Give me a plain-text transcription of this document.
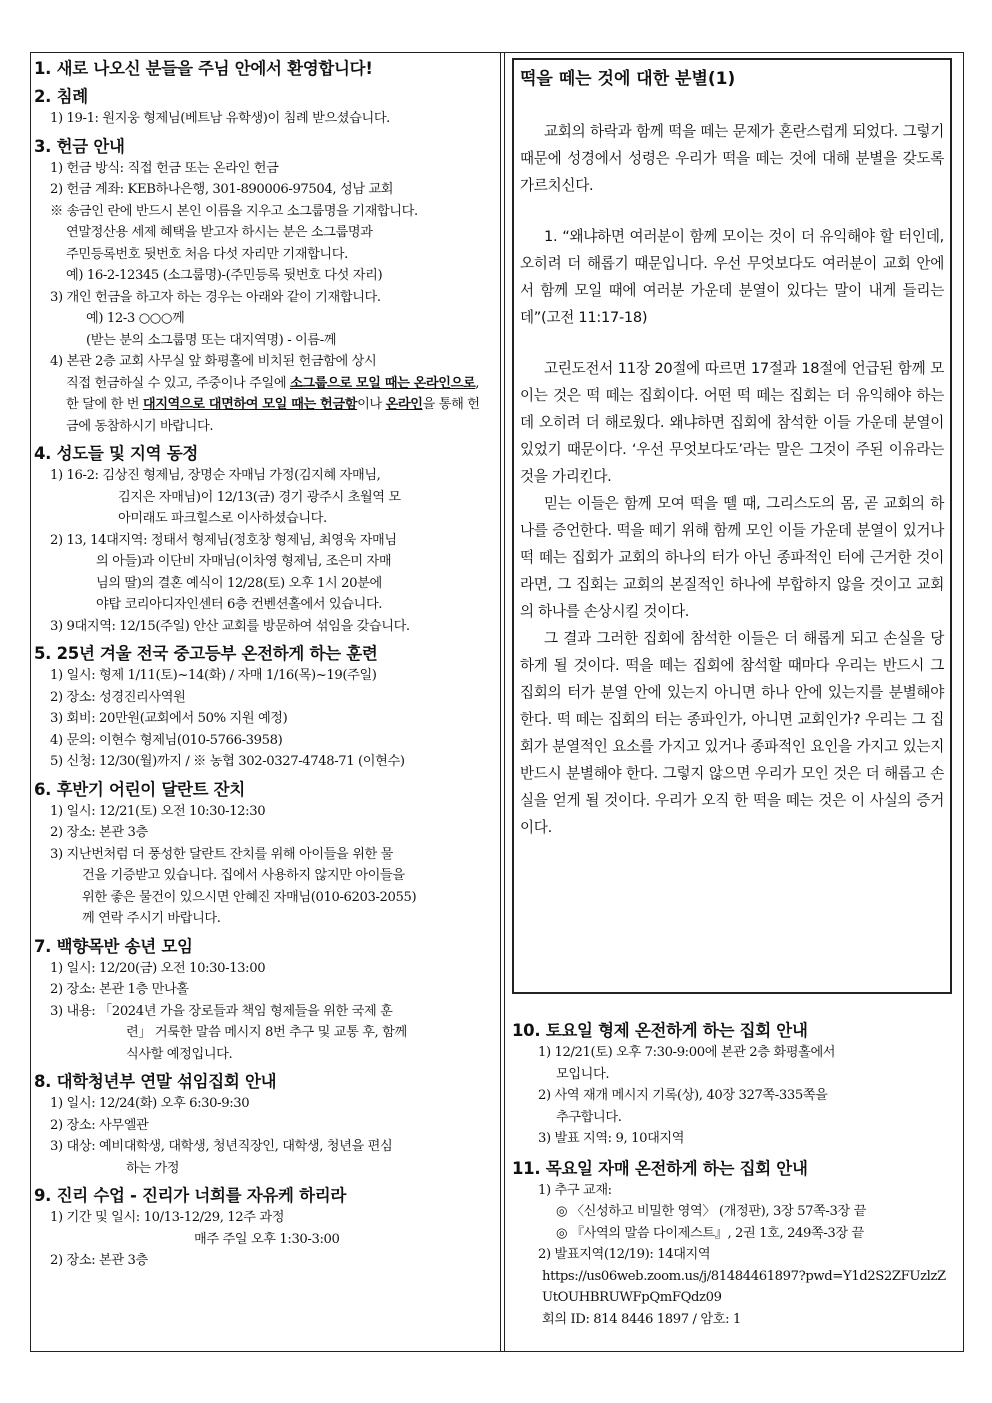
1. 새로 나오신 분들을 주님 안에서 환영합니다!
2. 침례
1) 19-1: 원지웅 형제님(베트남 유학생)이 침례 받으셨습니다.
3. 헌금 안내
1) 헌금 방식: 직접 헌금 또는 온라인 헌금
2) 헌금 계좌: KEB하나은행, 301-890006-97504, 성남 교회
※ 송금인 란에 반드시 본인 이름을 지우고 소그룹명을 기재합니다.
연말정산용 세제 혜택을 받고자 하시는 분은 소그룹명과
주민등록번호 뒷번호 처음 다섯 자리만 기재합니다.
예) 16-2-12345 (소그룹명)-(주민등록 뒷번호 다섯 자리)
3) 개인 헌금을 하고자 하는 경우는 아래와 같이 기재합니다.
예) 12-3 ○○○께
(받는 분의 소그룹명 또는 대지역명) - 이름-께
4) 본관 2층 교회 사무실 앞 화평홀에 비치된 헌금함에 상시
직접 헌금하실 수 있고, 주중이나 주일에 소그룹으로 모일 때는 온라인으로, 한 달에 한 번 대지역으로 대면하여 모일 때는 헌금함이나 온라인을 통해 헌금에 동참하시기 바랍니다.
4. 성도들 및 지역 동정
1) 16-2: 김상진 형제님, 장명순 자매님 가정(김지혜 자매님,
김지은 자매님)이 12/13(금) 경기 광주시 초월역 모
아미래도 파크힐스로 이사하셨습니다.
2) 13, 14대지역: 정태서 형제님(정호창 형제님, 최영욱 자매님
의 아들)과 이단비 자매님(이차영 형제님, 조은미 자매
님의 딸)의 결혼 예식이 12/28(토) 오후 1시 20분에
야탑 코리아디자인센터 6층 컨벤션홀에서 있습니다.
3) 9대지역: 12/15(주일) 안산 교회를 방문하여 섞임을 갖습니다.
5. 25년 겨울 전국 중고등부 온전하게 하는 훈련
1) 일시: 형제 1/11(토)~14(화) / 자매 1/16(목)~19(주일)
2) 장소: 성경진리사역원
3) 회비: 20만원(교회에서 50% 지원 예정)
4) 문의: 이현수 형제님(010-5766-3958)
5) 신청: 12/30(월)까지 / ※ 농협 302-0327-4748-71 (이현수)
6. 후반기 어린이 달란트 잔치
1) 일시: 12/21(토) 오전 10:30-12:30
2) 장소: 본관 3층
3) 지난번처럼 더 풍성한 달란트 잔치를 위해 아이들을 위한 물
건을 기증받고 있습니다. 집에서 사용하지 않지만 아이들을
위한 좋은 물건이 있으시면 안혜진 자매님(010-6203-2055)
께 연락 주시기 바랍니다.
7. 백향목반 송년 모임
1) 일시: 12/20(금) 오전 10:30-13:00
2) 장소: 본관 1층 만나홀
3) 내용: 「2024년 가을 장로들과 책임 형제들을 위한 국제 훈
련」 거룩한 말씀 메시지 8번 추구 및 교통 후, 함께
식사할 예정입니다.
8. 대학청년부 연말 섞임집회 안내
1) 일시: 12/24(화) 오후 6:30-9:30
2) 장소: 사무엘관
3) 대상: 예비대학생, 대학생, 청년직장인, 대학생, 청년을 편심
하는 가정
9. 진리 수업 - 진리가 너희를 자유케 하리라
1) 기간 및 일시: 10/13-12/29, 12주 과정
매주 주일 오후 1:30-3:00
2) 장소: 본관 3층
떡을 떼는 것에 대한 분별(1)

교회의 하락과 함께 떡을 떼는 문제가 혼란스럽게 되었다. 그렇기 때문에 성경에서 성령은 우리가 떡을 떼는 것에 대해 분별을 갖도록 가르치신다.

1. “왜냐하면 여러분이 함께 모이는 것이 더 유익해야 할 터인데, 오히려 더 해롭기 때문입니다. 우선 무엇보다도 여러분이 교회 안에서 함께 모일 때에 여러분 가운데 분열이 있다는 말이 내게 들리는데”(고전 11:17-18)

고린도전서 11장 20절에 따르면 17절과 18절에 언급된 함께 모이는 것은 떡 떼는 집회이다. 어떤 떡 떼는 집회는 더 유익해야 하는데 오히려 더 해로웠다. 왜냐하면 집회에 참석한 이들 가운데 분열이 있었기 때문이다. ‘우선 무엇보다도’라는 말은 그것이 주된 이유라는 것을 가리킨다.

믿는 이들은 함께 모여 떡을 뗄 때, 그리스도의 몸, 곧 교회의 하나를 증언한다. 떡을 떼기 위해 함께 모인 이들 가운데 분열이 있거나 떡 떼는 집회가 교회의 하나의 터가 아닌 종파적인 터에 근거한 것이라면, 그 집회는 교회의 본질적인 하나에 부합하지 않을 것이고 교회의 하나를 손상시킬 것이다.

그 결과 그러한 집회에 참석한 이들은 더 해롭게 되고 손실을 당하게 될 것이다. 떡을 떼는 집회에 참석할 때마다 우리는 반드시 그 집회의 터가 분열 안에 있는지 아니면 하나 안에 있는지를 분별해야 한다. 떡 떼는 집회의 터는 종파인가, 아니면 교회인가? 우리는 그 집회가 분열적인 요소를 가지고 있거나 종파적인 요인을 가지고 있는지 반드시 분별해야 한다. 그렇지 않으면 우리가 모인 것은 더 해롭고 손실을 얻게 될 것이다. 우리가 오직 한 떡을 떼는 것은 이 사실의 증거이다.

10. 토요일 형제 온전하게 하는 집회 안내
1) 12/21(토) 오후 7:30-9:00에 본관 2층 화평홀에서
모입니다.
2) 사역 재개 메시지 기록(상), 40장 327쪽-335쪽을
추구합니다.
3) 발표 지역: 9, 10대지역
11. 목요일 자매 온전하게 하는 집회 안내
1) 추구 교재:
◎ 〈신성하고 비밀한 영역〉 (개정판), 3장 57쪽-3장 끝
◎ 『사역의 말씀 다이제스트』, 2권 1호, 249쪽-3장 끝
2) 발표지역(12/19): 14대지역
https://us06web.zoom.us/j/81484461897?pwd=Y1d2S2ZFUzlzZUtOUHBRUWFpQmFQdz09
회의 ID: 814 8446 1897 / 암호: 1
